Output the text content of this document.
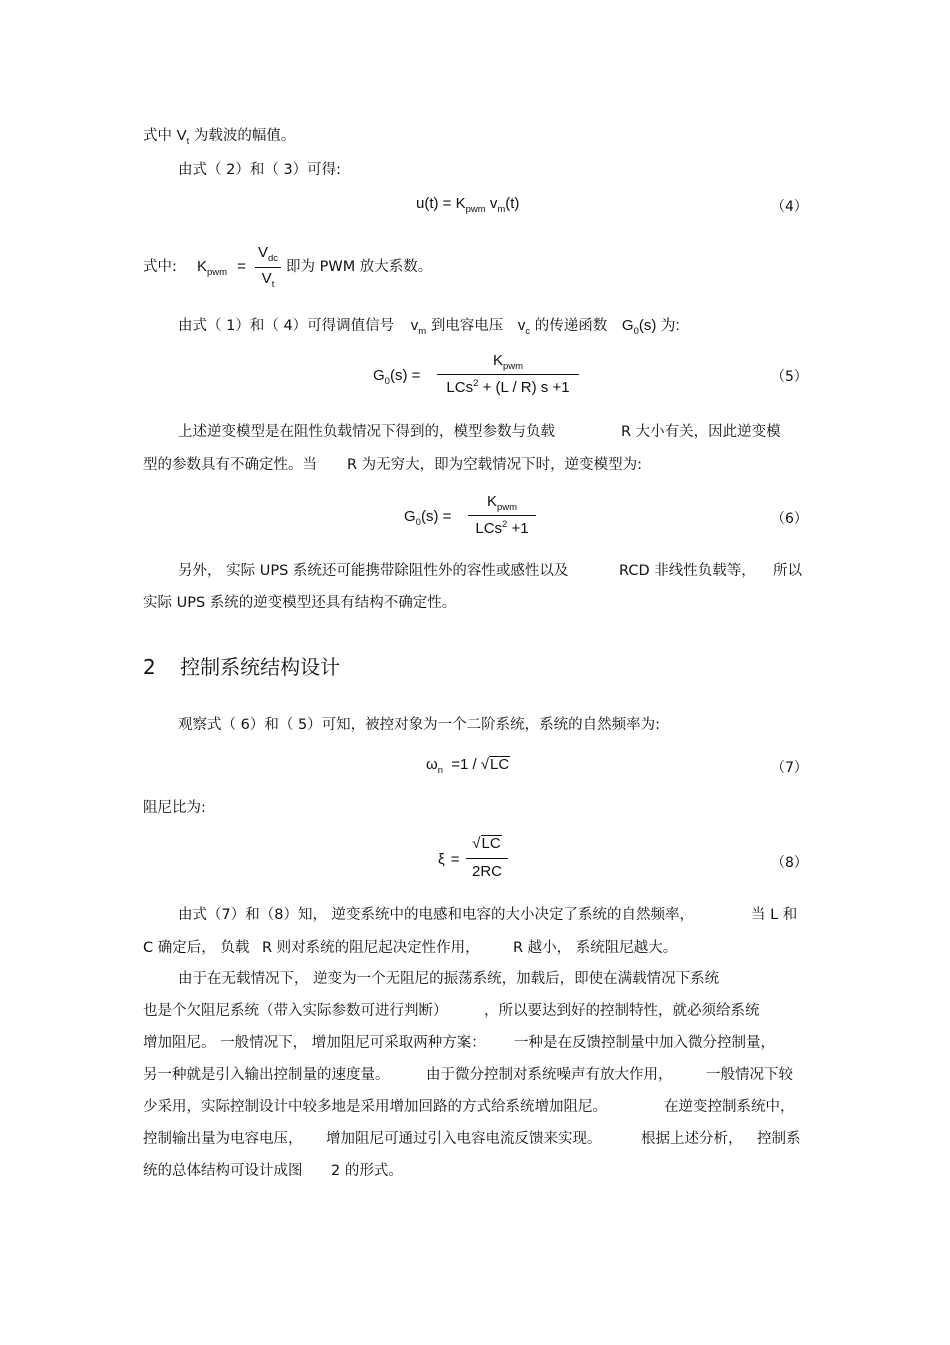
式中 $V_t$ 为载波的幅值。
由式（ 2）和（ 3）可得:
$u(t) = K_{pwm}$ $v_m(t)$	（4）
式中: $K_{pwm}$ =
$V_{dc}$
$V_t$
即为 PWM 放大系数。
由式（ 1）和（ 4）可得调值信号 $v_m$ 到电容电压 $v_c$ 的传递函数 $G_0(s)$ 为:
$G_0(s)$ =
$K_{pwm}$
LCs$^2$ + (L / R) s +1
（5）
上述逆变模型是在阻性负载情况下得到的，模型参数与负载	R 大小有关，因此逆变模
型的参数具有不确定性。当 R 为无穷大，即为空载情况下时，逆变模型为:
$G_0(s)$ =
$K_{pwm}$
LCs$^2$ +1
（6）
另外， 实际 UPS 系统还可能携带除阻性外的容性或感性以及	RCD 非线性负载等， 所以
实际 UPS 系统的逆变模型还具有结构不确定性。
2 控制系统结构设计
观察式（ 6）和（ 5）可知，被控对象为一个二阶系统，系统的自然频率为:
$\omega_n =1 / √LC$	（7）
阻尼比为:
ξ =
√LC
2RC	（8）
由式（7）和（8）知， 逆变系统中的电感和电容的大小决定了系统的自然频率，	当 L 和
C 确定后， 负载 R 则对系统的阻尼起决定性作用， R 越小， 系统阻尼越大。
由于在无载情况下， 逆变为一个无阻尼的振荡系统，加载后，即使在满载情况下系统
也是个欠阻尼系统（带入实际参数可进行判断）	，所以要达到好的控制特性，就必须给系统
增加阻尼。 一般情况下， 增加阻尼可采取两种方案： 一种是在反馈控制量中加入微分控制量，
另一种就是引入输出控制量的速度量。	由于微分控制对系统噪声有放大作用， 一般情况下较
少采用，实际控制设计中较多地是采用增加回路的方式给系统增加阻尼。	在逆变控制系统中，
控制输出量为电容电压， 增加阻尼可通过引入电容电流反馈来实现。	根据上述分析， 控制系
统的总体结构可设计成图 2 的形式。
